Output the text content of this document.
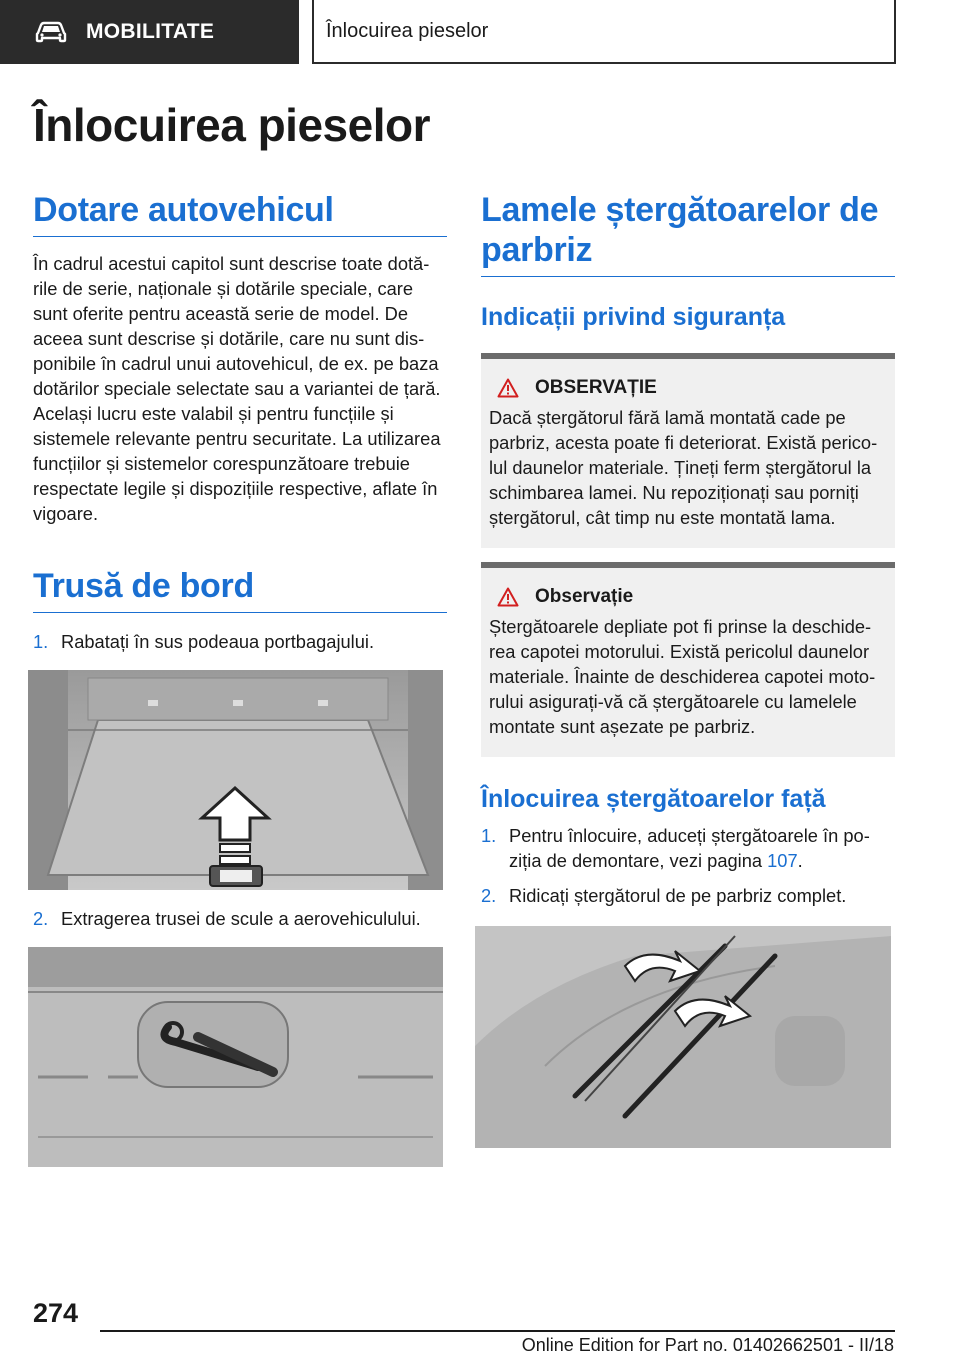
MOBILITATE	Înlocuirea pieselor
Înlocuirea pieselor
Dotare autovehicul

În cadrul acestui capitol sunt descrise toate dotările de serie, naționale și dotările speciale, care sunt oferite pentru această serie de model. De aceea sunt descrise și dotările, care nu sunt disponibile în cadrul unui autovehicul, de ex. pe baza dotărilor speciale selectate sau a variantei de țară. Același lucru este valabil și pentru funcțiile și sistemele relevante pentru securitate. La utilizarea funcțiilor și sistemelor corespunzătoare trebuie respectate legile și dispozițiile respective, aflate în vigoare.

Trusă de bord
1. Rabatați în sus podeaua portbagajului.
2. Extragerea trusei de scule a aerovehiculului.
Lamele ștergătoarelor de parbriz
Indicații privind siguranța
OBSERVAȚIE

Dacă ștergătorul fără lamă montată cade pe parbriz, acesta poate fi deteriorat. Există pericolul daunelor materiale. Țineți ferm ștergătorul la schimbarea lamei. Nu repoziționați sau porniți ștergătorul, cât timp nu este montată lama.

Observație

Ștergătoarele depliate pot fi prinse la deschiderea capotei motorului. Există pericolul daunelor materiale. Înainte de deschiderea capotei motorului asigurați-vă că ștergătoarele cu lamelele montate sunt așezate pe parbriz.

Înlocuirea ștergătoarelor față
1. Pentru înlocuire, aduceți ștergătoarele în poziția de demontare, vezi pagina 107.
2. Ridicați ștergătorul de pe parbriz complet.
274
Online Edition for Part no. 01402662501 - II/18
